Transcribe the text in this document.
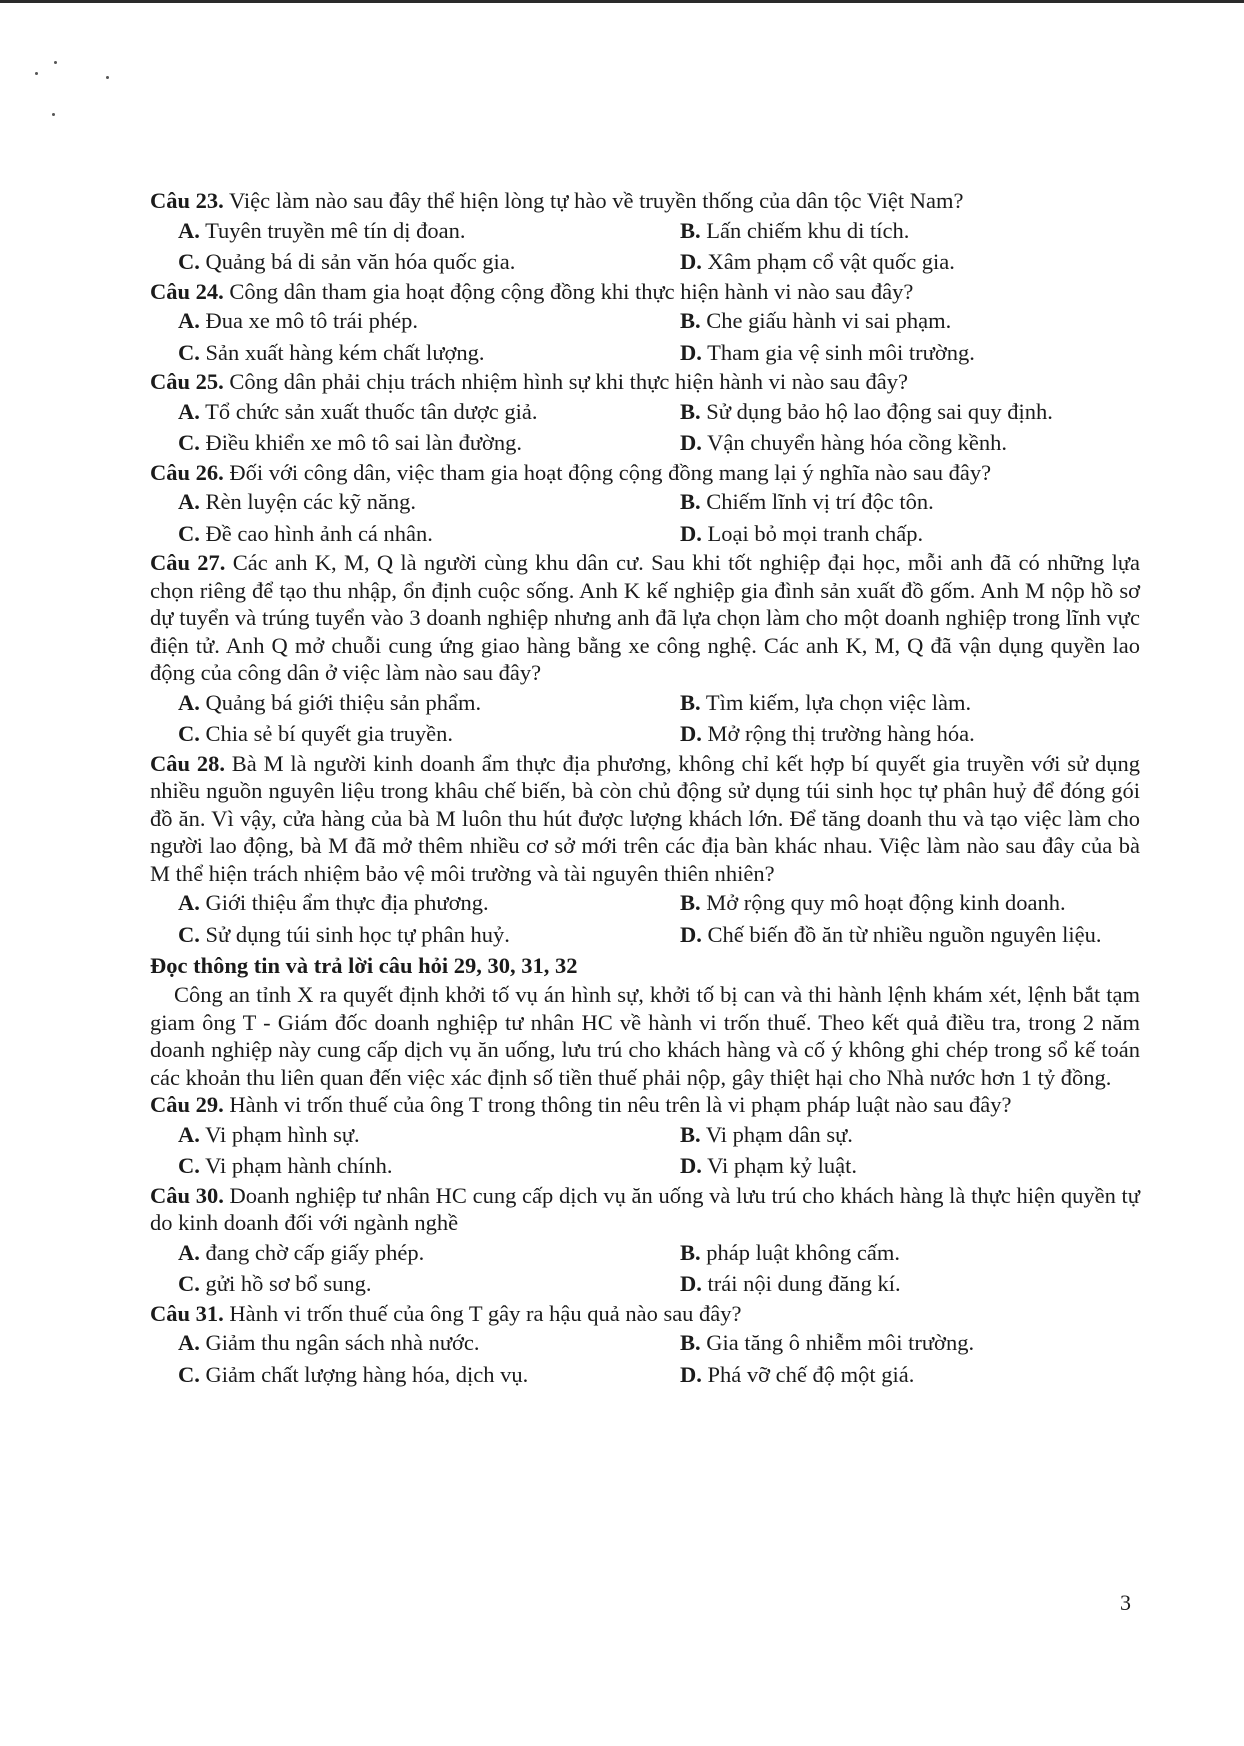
Câu 23. Việc làm nào sau đây thể hiện lòng tự hào về truyền thống của dân tộc Việt Nam?

A. Tuyên truyền mê tín dị đoan.	B. Lấn chiếm khu di tích.
C. Quảng bá di sản văn hóa quốc gia.	D. Xâm phạm cổ vật quốc gia.

Câu 24. Công dân tham gia hoạt động cộng đồng khi thực hiện hành vi nào sau đây?

A. Đua xe mô tô trái phép.	B. Che giấu hành vi sai phạm.
C. Sản xuất hàng kém chất lượng.	D. Tham gia vệ sinh môi trường.

Câu 25. Công dân phải chịu trách nhiệm hình sự khi thực hiện hành vi nào sau đây?

A. Tổ chức sản xuất thuốc tân dược giả.	B. Sử dụng bảo hộ lao động sai quy định.
C. Điều khiển xe mô tô sai làn đường.	D. Vận chuyển hàng hóa cồng kềnh.

Câu 26. Đối với công dân, việc tham gia hoạt động cộng đồng mang lại ý nghĩa nào sau đây?

A. Rèn luyện các kỹ năng.	B. Chiếm lĩnh vị trí độc tôn.
C. Đề cao hình ảnh cá nhân.	D. Loại bỏ mọi tranh chấp.

Câu 27. Các anh K, M, Q là người cùng khu dân cư. Sau khi tốt nghiệp đại học, mỗi anh đã có những lựa chọn riêng để tạo thu nhập, ổn định cuộc sống. Anh K kế nghiệp gia đình sản xuất đồ gốm. Anh M nộp hồ sơ dự tuyển và trúng tuyển vào 3 doanh nghiệp nhưng anh đã lựa chọn làm cho một doanh nghiệp trong lĩnh vực điện tử. Anh Q mở chuỗi cung ứng giao hàng bằng xe công nghệ. Các anh K, M, Q đã vận dụng quyền lao động của công dân ở việc làm nào sau đây?

A. Quảng bá giới thiệu sản phẩm.	B. Tìm kiếm, lựa chọn việc làm.
C. Chia sẻ bí quyết gia truyền.	D. Mở rộng thị trường hàng hóa.

Câu 28. Bà M là người kinh doanh ẩm thực địa phương, không chỉ kết hợp bí quyết gia truyền với sử dụng nhiều nguồn nguyên liệu trong khâu chế biến, bà còn chủ động sử dụng túi sinh học tự phân huỷ để đóng gói đồ ăn. Vì vậy, cửa hàng của bà M luôn thu hút được lượng khách lớn. Để tăng doanh thu và tạo việc làm cho người lao động, bà M đã mở thêm nhiều cơ sở mới trên các địa bàn khác nhau. Việc làm nào sau đây của bà M thể hiện trách nhiệm bảo vệ môi trường và tài nguyên thiên nhiên?

A. Giới thiệu ẩm thực địa phương.	B. Mở rộng quy mô hoạt động kinh doanh.
C. Sử dụng túi sinh học tự phân huỷ.	D. Chế biến đồ ăn từ nhiều nguồn nguyên liệu.

Đọc thông tin và trả lời câu hỏi 29, 30, 31, 32

Công an tỉnh X ra quyết định khởi tố vụ án hình sự, khởi tố bị can và thi hành lệnh khám xét, lệnh bắt tạm giam ông T - Giám đốc doanh nghiệp tư nhân HC về hành vi trốn thuế. Theo kết quả điều tra, trong 2 năm doanh nghiệp này cung cấp dịch vụ ăn uống, lưu trú cho khách hàng và cố ý không ghi chép trong sổ kế toán các khoản thu liên quan đến việc xác định số tiền thuế phải nộp, gây thiệt hại cho Nhà nước hơn 1 tỷ đồng.

Câu 29. Hành vi trốn thuế của ông T trong thông tin nêu trên là vi phạm pháp luật nào sau đây?

A. Vi phạm hình sự.	B. Vi phạm dân sự.
C. Vi phạm hành chính.	D. Vi phạm kỷ luật.

Câu 30. Doanh nghiệp tư nhân HC cung cấp dịch vụ ăn uống và lưu trú cho khách hàng là thực hiện quyền tự do kinh doanh đối với ngành nghề

A. đang chờ cấp giấy phép.	B. pháp luật không cấm.
C. gửi hồ sơ bổ sung.	D. trái nội dung đăng kí.

Câu 31. Hành vi trốn thuế của ông T gây ra hậu quả nào sau đây?

A. Giảm thu ngân sách nhà nước.	B. Gia tăng ô nhiễm môi trường.
C. Giảm chất lượng hàng hóa, dịch vụ.	D. Phá vỡ chế độ một giá.
3
